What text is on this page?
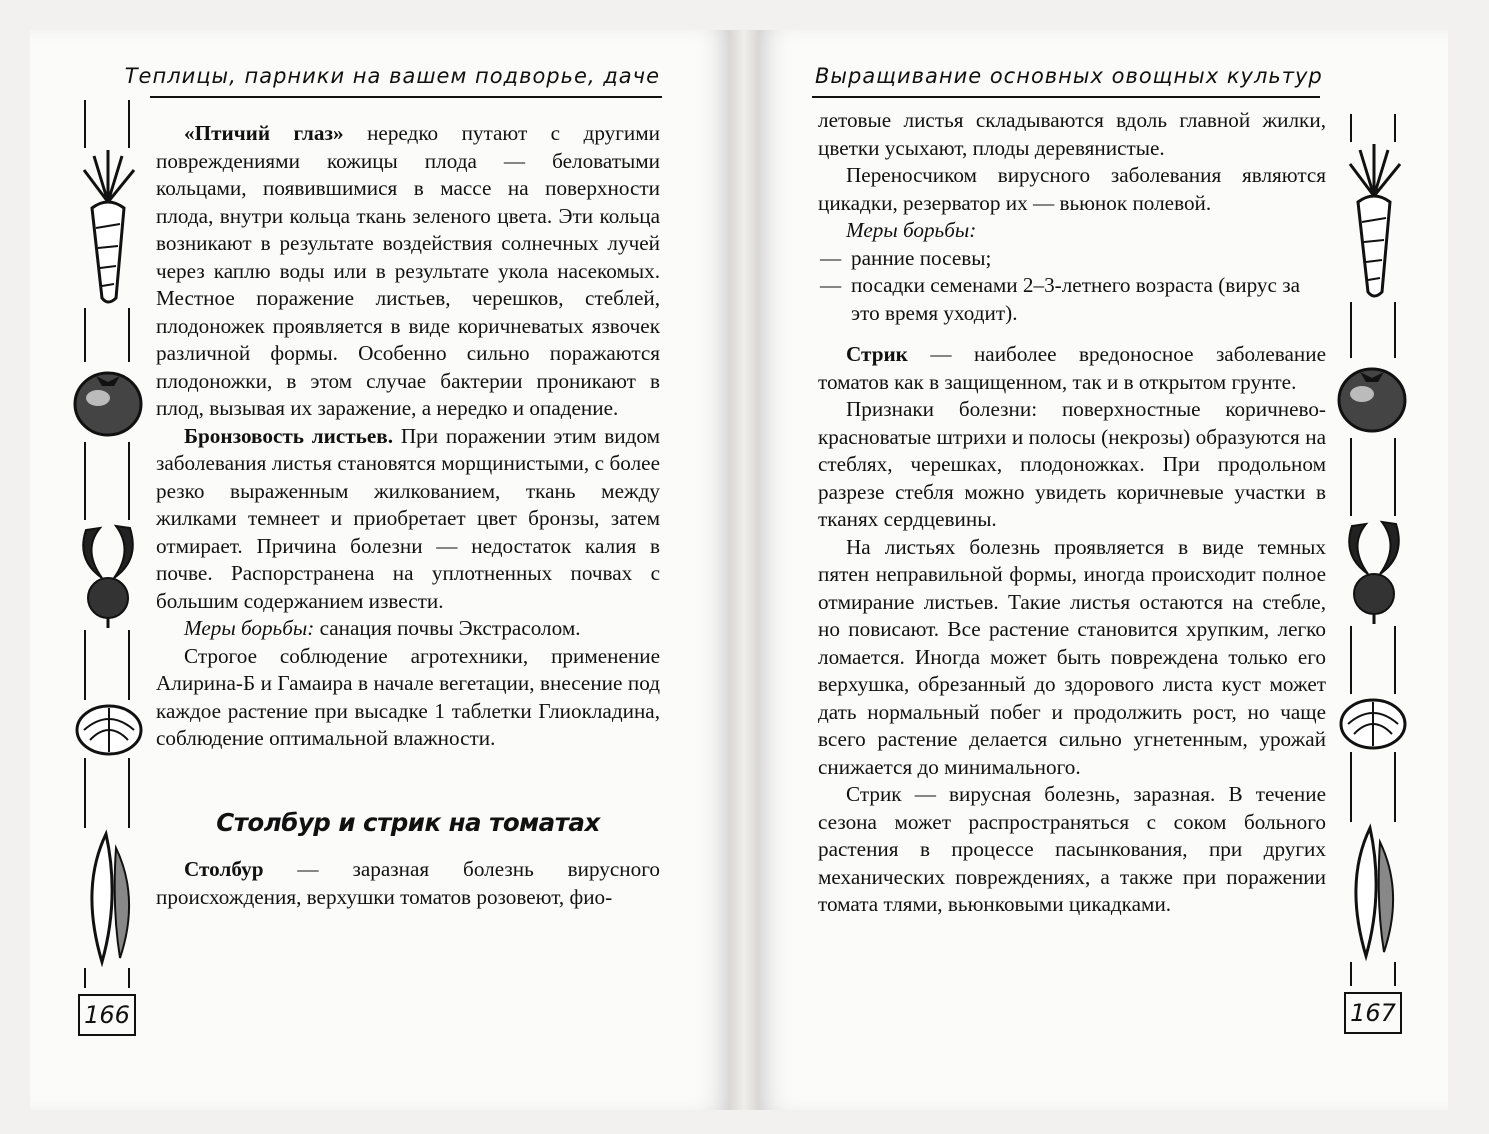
Теплицы, парники на вашем подворье, даче	Выращивание основных овощных культур
166	167

«Птичий глаз» нередко путают с другими повреждениями кожицы плода — беловатыми кольцами, появившимися в массе на поверхности плода, внутри кольца ткань зеленого цвета. Эти кольца возникают в результате воздействия солнечных лучей через каплю воды или в результате укола насекомых. Местное поражение листьев, черешков, стеблей, плодоножек проявляется в виде коричневатых язвочек различной формы. Особенно сильно поражаются плодоножки, в этом случае бактерии проникают в плод, вызывая их заражение, а нередко и опадение.

Бронзовость листьев. При поражении этим видом заболевания листья становятся морщинистыми, с более резко выраженным жилкованием, ткань между жилками темнеет и приобретает цвет бронзы, затем отмирает. Причина болезни — недостаток калия в почве. Распорстранена на уплотненных почвах с большим содержанием извести.

Меры борьбы: санация почвы Экстрасолом.

Строгое соблюдение агротехники, применение Алирина-Б и Гамаира в начале вегетации, внесение под каждое растение при высадке 1 таблетки Глиокладина, соблюдение оптимальной влажности.

Столбур и стрик на томатах

Столбур — заразная болезнь вирусного происхождения, верхушки томатов розовеют, фио-

летовые листья складываются вдоль главной жилки, цветки усыхают, плоды деревянистые.

Переносчиком вирусного заболевания являются цикадки, резерватор их — вьюнок полевой.

Меры борьбы:

— ранние посевы;

— посадки семенами 2–3-летнего возраста (вирус за это время уходит).

Стрик — наиболее вредоносное заболевание томатов как в защищенном, так и в открытом грунте.

Признаки болезни: поверхностные коричнево-красноватые штрихи и полосы (некрозы) образуются на стеблях, черешках, плодоножках. При продольном разрезе стебля можно увидеть коричневые участки в тканях сердцевины.

На листьях болезнь проявляется в виде темных пятен неправильной формы, иногда происходит полное отмирание листьев. Такие листья остаются на стебле, но повисают. Все растение становится хрупким, легко ломается. Иногда может быть повреждена только его верхушка, обрезанный до здорового листа куст может дать нормальный побег и продолжить рост, но чаще всего растение делается сильно угнетенным, урожай снижается до минимального.

Стрик — вирусная болезнь, заразная. В течение сезона может распространяться с соком больного растения в процессе пасынкования, при других механических повреждениях, а также при поражении томата тлями, вьюнковыми цикадками.
